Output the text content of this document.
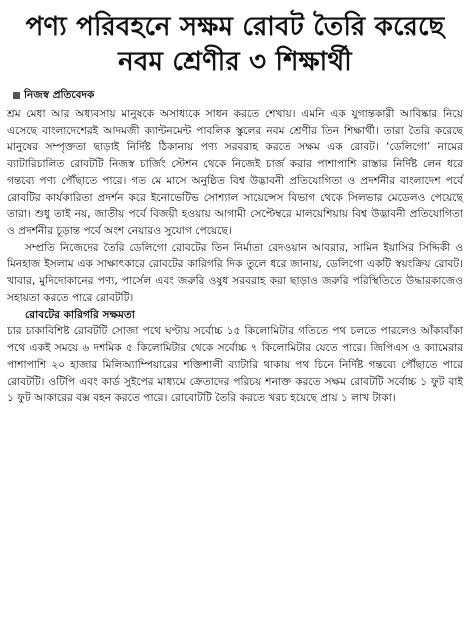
পণ্য পরিবহনে সক্ষম রোবট তৈরি করেছে নবম শ্রেণীর ৩ শিক্ষার্থী
নিজস্ব প্রতিবেদক

শ্রম মেধা আর অধ্যবসায় মানুষকে অসাধ্যকে সাধন করতে শেখায়। এমনি এক যুগান্তকারী আবিষ্কার নিয়ে এসেছে বাংলাদেশেরই আদমজী ক্যান্টনমেন্ট পাবলিক স্কুলের নবম শ্রেণীর তিন শিক্ষার্থী। তারা তৈরি করেছে মানুষের সম্পৃক্ততা ছাড়াই নির্দিষ্ট ঠিকানায় পণ্য সরবরাহ করতে সক্ষম এক রোবট। ‘ডেলিগো’ নামের ব্যাটারিচালিত রোবটটি নিজস্ব চার্জিং স্টেশন থেকে নিজেই চার্জ করার পাশাপাশি রাস্তার নির্দিষ্ট লেন ধরে গন্তব্যে পণ্য পৌঁছাতে পারে। গত মে মাসে অনুষ্ঠিত বিশ্ব উদ্ভাবনী প্রতিযোগিতা ও প্রদর্শনীর বাংলাদেশ পর্বে রোবটির কার্যকারিতা প্রদর্শন করে ইনোভেটিভ সোশ্যাল সায়েন্সেস বিভাগ থেকে সিলভার মেডেলও পেয়েছে তারা। শুধু তাই নয়, জাতীয় পর্বে বিজয়ী হওয়ায় আগামী সেপ্টেম্বরে মালয়েশিয়ায় বিশ্ব উদ্ভাবনী প্রতিযোগিতা ও প্রদর্শনীর চূড়ান্ত পর্বে অংশ নেয়ারও সুযোগ পেয়েছে।

সম্প্রতি নিজেদের তৈরি ডেলিগো রোবটের তিন নির্মাতা রেদওয়ান আবরার, সামিন ইয়াসির সিদ্দিকী ও মিনহাজ ইসলাম এক সাক্ষাৎকারে রোবটের কারিগরি দিক তুলে ধরে জানায়, ডেলিগো একটি স্বয়ংক্রিয় রোবট। খাবার, মুদিদোকানের পণ্য, পার্সেল এবং জরুরি ওষুধ সরবরাহ করা ছাড়াও জরুরি পরিস্থিতিতে উদ্ধারকাজেও সহায়তা করতে পারে রোবটটি।

রোবটের কারিগরি সক্ষমতা

চার চাকাবিশিষ্ট রোবটটি সোজা পথে ঘণ্টায় সর্বোচ্চ ১৫ কিলোমিটার গতিতে পথ চলতে পারলেও আঁকাবাঁকা পথে একই সময়ে ৬ দশমিক ৫ কিলোমিটার থেকে সর্বোচ্চ ৭ কিলোমিটার যেতে পারে। জিপিএস ও ক্যামেরার পাশাপাশি ২০ হাজার মিলিঅ্যাম্পিয়ারের শক্তিশালী ব্যাটারি থাকায় পথ চিনে নির্দিষ্ট গন্তব্যে পৌঁছাতে পারে রোবটটি। ওটিপি এবং কার্ড সুইপের মাধ্যমে ক্রেতাদের পরিচয় শনাক্ত করতে সক্ষম রোবটটি সর্বোচ্চ ১ ফুট বাই ১ ফুট আকারের বক্স বহন করতে পারে। রোবোটটি তৈরি করতে খরচ হয়েছে প্রায় ১ লাখ টাকা।
